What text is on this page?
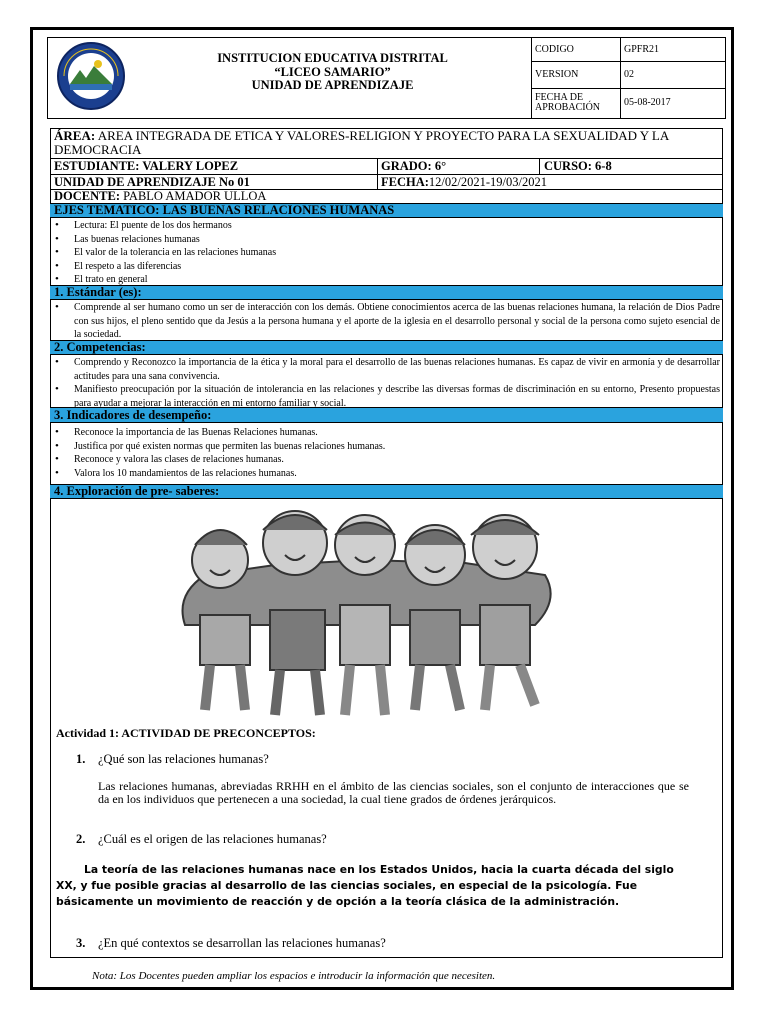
INSTITUCION EDUCATIVA DISTRITAL
“LICEO SAMARIO”
UNIDAD DE APRENDIZAJE
CODIGO	GPFR21
VERSION	02
FECHA DE APROBACIÓN	05-08-2017
ÁREA: AREA INTEGRADA DE ETICA Y VALORES-RELIGION Y PROYECTO PARA LA SEXUALIDAD Y LA DEMOCRACIA
ESTUDIANTE: VALERY LOPEZ	GRADO: 6°	CURSO: 6-8
UNIDAD DE APRENDIZAJE No 01	FECHA:12/02/2021-19/03/2021
DOCENTE: PABLO AMADOR ULLOA
EJES TEMATICO: LAS BUENAS RELACIONES HUMANAS
• Lectura: El puente de los dos hermanos
• Las buenas relaciones humanas
• El valor de la tolerancia en las relaciones humanas
• El respeto a las diferencias
• El trato en general
1. Estándar (es):
• Comprende al ser humano como un ser de interacción con los demás. Obtiene conocimientos acerca de las buenas relaciones humana, la relación de Dios Padre con sus hijos, el pleno sentido que da Jesús a la persona humana y el aporte de la iglesia en el desarrollo personal y social de la persona como sujeto esencial de la sociedad.
2. Competencias:
• Comprendo y Reconozco la importancia de la ética y la moral para el desarrollo de las buenas relaciones humanas. Es capaz de vivir en armonía y de desarrollar actitudes para una sana convivencia.
• Manifiesto preocupación por la situación de intolerancia en las relaciones y describe las diversas formas de discriminación en su entorno, Presento propuestas para ayudar a mejorar la interacción en mi entorno familiar y social.
3. Indicadores de desempeño:
• Reconoce la importancia de las Buenas Relaciones humanas.
• Justifica por qué existen normas que permiten las buenas relaciones humanas.
• Reconoce y valora las clases de relaciones humanas.
• Valora los 10 mandamientos de las relaciones humanas.
4. Exploración de pre- saberes:
Actividad 1: ACTIVIDAD DE PRECONCEPTOS:
1. ¿Qué son las relaciones humanas?
Las relaciones humanas, abreviadas RRHH en el ámbito de las ciencias sociales, son el conjunto de interacciones que se da en los individuos que pertenecen a una sociedad, la cual tiene grados de órdenes jerárquicos.
2. ¿Cuál es el origen de las relaciones humanas?
La teoría de las relaciones humanas nace en los Estados Unidos, hacia la cuarta década del siglo XX, y fue posible gracias al desarrollo de las ciencias sociales, en especial de la psicología. Fue básicamente un movimiento de reacción y de opción a la teoría clásica de la administración.
3. ¿En qué contextos se desarrollan las relaciones humanas?
Nota: Los Docentes pueden ampliar los espacios e introducir la información que necesiten.
